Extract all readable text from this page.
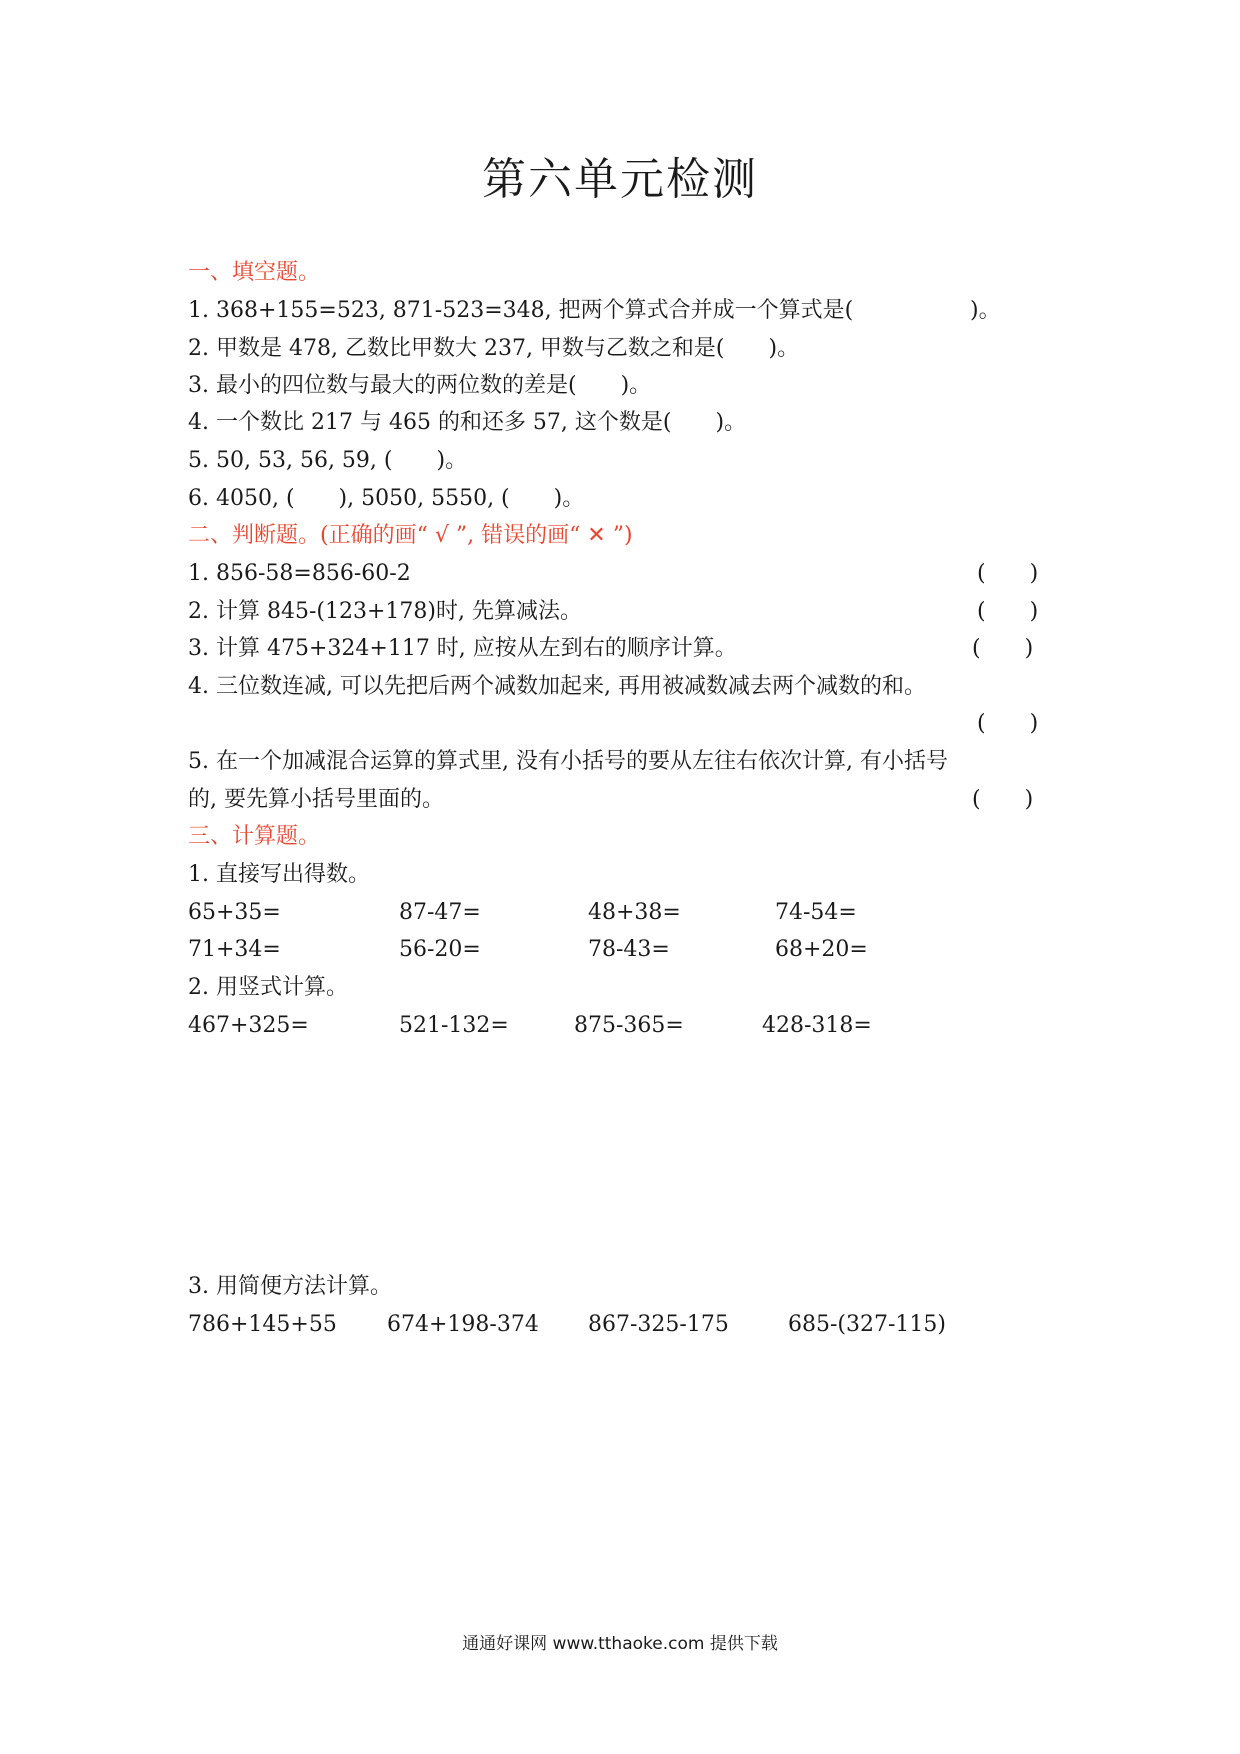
第六单元检测
一、填空题。
1. 368+155=523, 871-523=348, 把两个算式合并成一个算式是(	)。
2. 甲数是 478, 乙数比甲数大 237, 甲数与乙数之和是(　　)。
3. 最小的四位数与最大的两位数的差是(　　)。
4. 一个数比 217 与 465 的和还多 57, 这个数是(　　)。
5. 50, 53, 56, 59, (　　)。
6. 4050, (　　), 5050, 5550, (　　)。
二、判断题。(正确的画“ √ ”, 错误的画“ ✕ ”)
1. 856-58=856-60-2	(　　)
2. 计算 845-(123+178)时, 先算减法。	(　　)
3. 计算 475+324+117 时, 应按从左到右的顺序计算。	(　　)
4. 三位数连减, 可以先把后两个减数加起来, 再用被减数减去两个减数的和。
(　　)
5. 在一个加减混合运算的算式里, 没有小括号的要从左往右依次计算, 有小括号
的, 要先算小括号里面的。	(　　)
三、计算题。
1. 直接写出得数。
65+35=	87-47=	48+38=	74-54=
71+34=	56-20=	78-43=	68+20=
2. 用竖式计算。
467+325=	521-132=	875-365=	428-318=
3. 用简便方法计算。
786+145+55 674+198-374 867-325-175	685-(327-115)
通通好课网 www.tthaoke.com 提供下载
